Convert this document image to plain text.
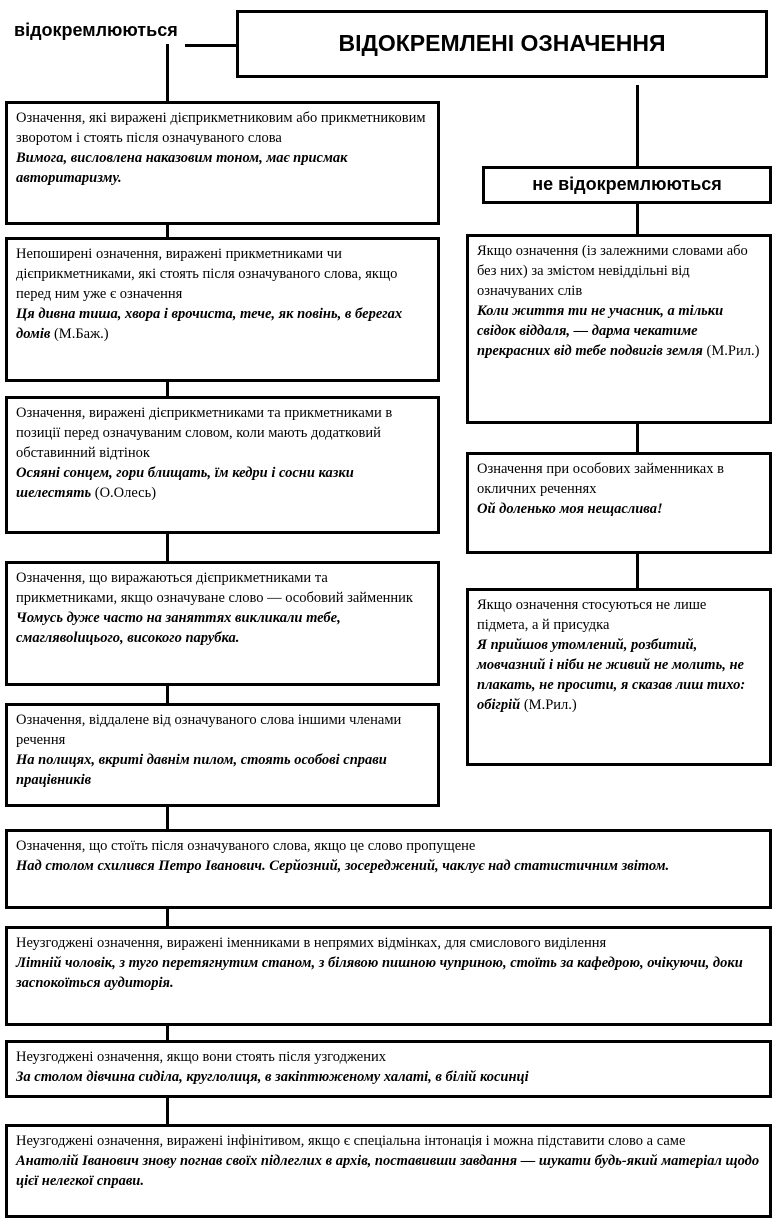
відокремлюються	ВІДОКРЕМЛЕНІ ОЗНАЧЕННЯ
не відокремлюються
Означення, які виражені дієприкметниковим або прикметниковим зворотом і стоять після означуваного слова
Вимога, висловлена наказовим тоном, має присмак авторитаризму.
Непоширені означення, виражені прикметниками чи дієприкметниками, які стоять після означуваного слова, якщо перед ним уже є означення
Ця дивна тиша, хвора і врочиста, тече, як повінь, в берегах домів (М.Баж.)
Означення, виражені дієприкметниками та прикметниками в позиції перед означуваним словом, коли мають додатковий обставинний відтінок
Осяяні сонцем, гори блищать, їм кедри і сосни казки шелестять (О.Олесь)
Означення, що виражаються дієприкметниками та прикметниками, якщо означуване слово — особовий займенник
Чомусь дуже часто на заняттях викликали тебе, смаглявolицього, високого парубка.
Означення, віддалене від означуваного слова іншими членами речення
На полицях, вкриті давнім пилом, стоять особові справи працівників
Якщо означення (із залежними словами або без них) за змістом невіддільні від означуваних слів
Коли життя ти не учасник, а тільки свідок віддаля, — дарма чекатиме прекрасних від тебе подвигів земля (М.Рил.)
Означення при особових займенниках в окличних реченнях
Ой доленько моя нещаслива!
Якщо означення стосуються не лише підмета, а й присудка
Я прийшов утомлений, розбитий, мовчазний і ніби не живий не молить, не плакать, не просити, я сказав лиш тихо: обігрій (М.Рил.)
Означення, що стоїть після означуваного слова, якщо це слово пропущене
Над столом схилився Петро Іванович. Серйозний, зосереджений, чаклує над статистичним звітом.
Неузгоджені означення, виражені іменниками в непрямих відмінках, для смислового виділення
Літній чоловік, з туго перетягнутим станом, з білявою пишною чуприною, стоїть за кафедрою, очікуючи, доки заспокоїться аудиторія.
Неузгоджені означення, якщо вони стоять після узгоджених
За столом дівчина сиділа, круглолиця, в закіптюженому халаті, в білій косинці
Неузгоджені означення, виражені інфінітивом, якщо є спеціальна інтонація і можна підставити слово а саме
Анатолій Іванович знову погнав своїх підлеглих в архів, поставивши завдання — шукати будь-який матеріал щодо цієї нелегкої справи.
